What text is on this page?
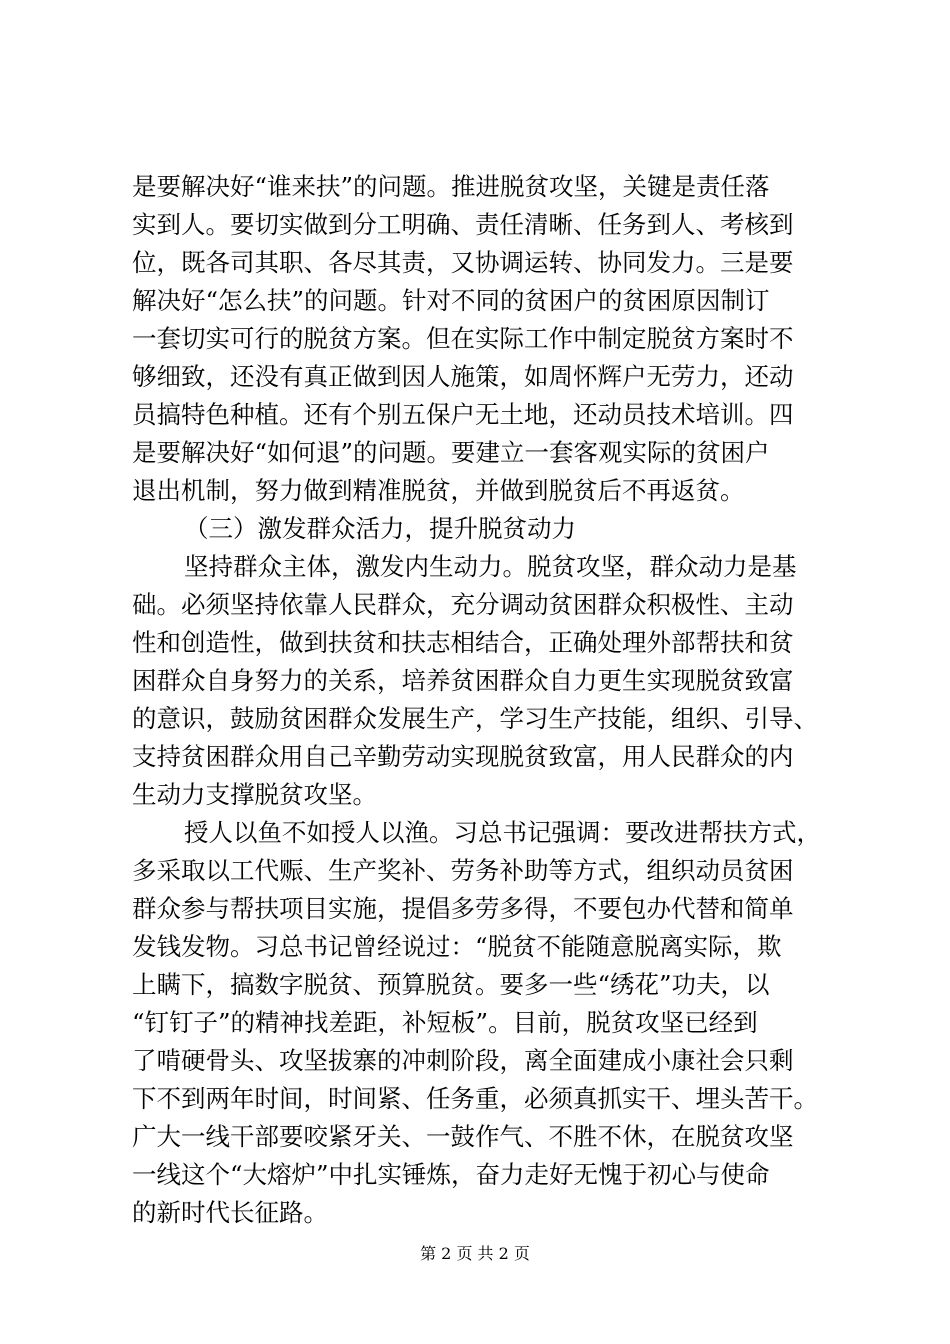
是要解决好“谁来扶”的问题。推进脱贫攻坚，关键是责任落
实到人。要切实做到分工明确、责任清晰、任务到人、考核到
位，既各司其职、各尽其责，又协调运转、协同发力。三是要
解决好“怎么扶”的问题。针对不同的贫困户的贫困原因制订
一套切实可行的脱贫方案。但在实际工作中制定脱贫方案时不
够细致，还没有真正做到因人施策，如周怀辉户无劳力，还动
员搞特色种植。还有个别五保户无土地，还动员技术培训。四
是要解决好“如何退”的问题。要建立一套客观实际的贫困户
退出机制，努力做到精准脱贫，并做到脱贫后不再返贫。
（三）激发群众活力，提升脱贫动力
坚持群众主体，激发内生动力。脱贫攻坚，群众动力是基
础。必须坚持依靠人民群众，充分调动贫困群众积极性、主动
性和创造性，做到扶贫和扶志相结合，正确处理外部帮扶和贫
困群众自身努力的关系，培养贫困群众自力更生实现脱贫致富
的意识，鼓励贫困群众发展生产，学习生产技能，组织、引导、
支持贫困群众用自己辛勤劳动实现脱贫致富，用人民群众的内
生动力支撑脱贫攻坚。
授人以鱼不如授人以渔。习总书记强调：要改进帮扶方式，
多采取以工代赈、生产奖补、劳务补助等方式，组织动员贫困
群众参与帮扶项目实施，提倡多劳多得，不要包办代替和简单
发钱发物。习总书记曾经说过：“脱贫不能随意脱离实际，欺
上瞒下，搞数字脱贫、预算脱贫。要多一些“绣花”功夫，以
“钉钉子”的精神找差距，补短板”。目前，脱贫攻坚已经到
了啃硬骨头、攻坚拔寨的冲刺阶段，离全面建成小康社会只剩
下不到两年时间，时间紧、任务重，必须真抓实干、埋头苦干。
广大一线干部要咬紧牙关、一鼓作气、不胜不休，在脱贫攻坚
一线这个“大熔炉”中扎实锤炼，奋力走好无愧于初心与使命
的新时代长征路。
第 2 页 共 2 页
